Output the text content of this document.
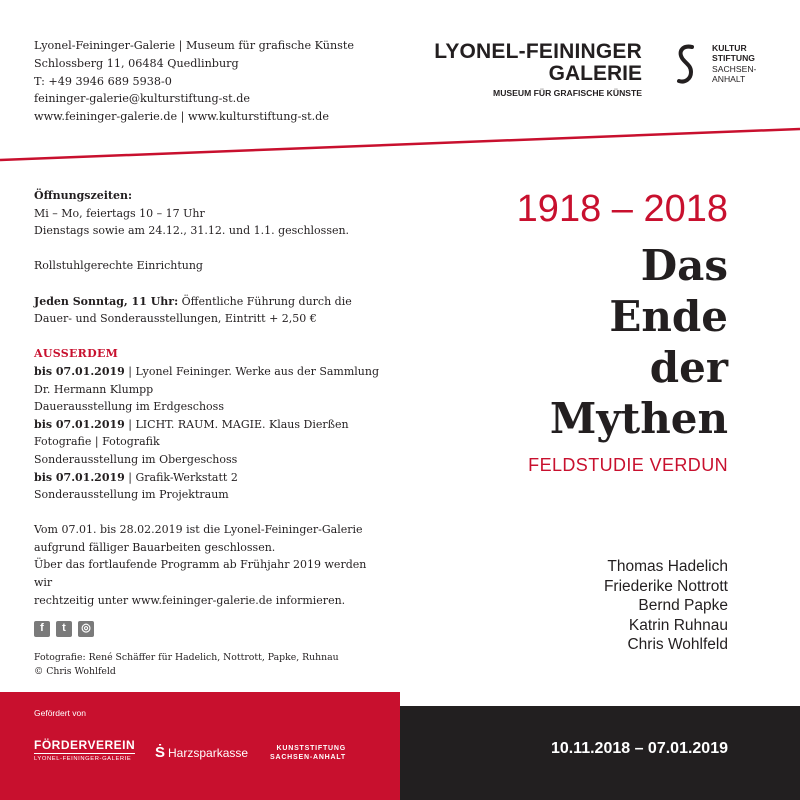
Lyonel-Feininger-Galerie | Museum für grafische Künste
Schlossberg 11, 06484 Quedlinburg
T: +49 3946 689 5938-0
feininger-galerie@kulturstiftung-st.de
www.feininger-galerie.de | www.kulturstiftung-st.de
LYONEL-FEININGER
GALERIE
MUSEUM FÜR GRAFISCHE KÜNSTE
KULTUR
STIFTUNG
SACHSEN-
ANHALT

Öffnungszeiten:

Mi – Mo, feiertags 10 – 17 Uhr

Dienstags sowie am 24.12., 31.12. und 1.1. geschlossen.

Rollstuhlgerechte Einrichtung

Jeden Sonntag, 11 Uhr: Öffentliche Führung durch die

Dauer- und Sonderausstellungen, Eintritt + 2,50 €

AUSSERDEM

bis 07.01.2019 | Lyonel Feininger. Werke aus der Sammlung

Dr. Hermann Klumpp

Dauerausstellung im Erdgeschoss

bis 07.01.2019 | LICHT. RAUM. MAGIE. Klaus Dierßen

Fotografie | Fotografik

Sonderausstellung im Obergeschoss

bis 07.01.2019 | Grafik-Werkstatt 2

Sonderausstellung im Projektraum

Vom 07.01. bis 28.02.2019 ist die Lyonel-Feininger-Galerie

aufgrund fälliger Bauarbeiten geschlossen.

Über das fortlaufende Programm ab Frühjahr 2019 werden wir

rechtzeitig unter www.feininger-galerie.de informieren.

f	t	◎
Fotografie: René Schäffer für Hadelich, Nottrott, Papke, Ruhnau
© Chris Wohlfeld
1918 – 2018
Das
Ende
der
Mythen
FELDSTUDIE VERDUN
Thomas Hadelich
Friederike Nottrott
Bernd Papke
Katrin Ruhnau
Chris Wohlfeld
Gefördert von
FÖRDERVEREIN
LYONEL-FEININGER-GALERIE Ṡ Harzsparkasse	KUNSTSTIFTUNG
SACHSEN-ANHALT
10.11.2018 – 07.01.2019
